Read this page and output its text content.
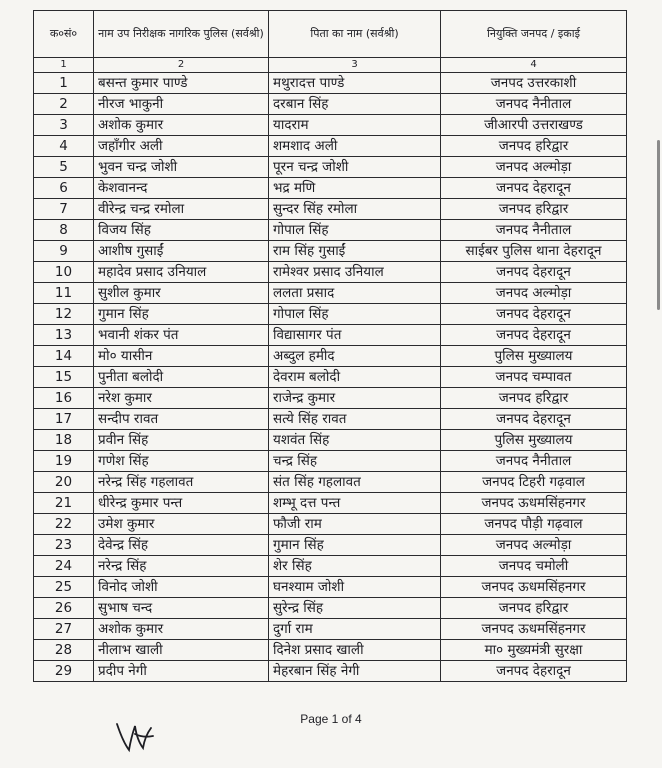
क०सं०	नाम उप निरीक्षक नागरिक पुलिस (सर्वश्री)	पिता का नाम (सर्वश्री)	नियुक्ति जनपद / इकाई
1	2	3	4
1	बसन्त कुमार पाण्डे	मथुरादत्त पाण्डे	जनपद उत्तरकाशी
2	नीरज भाकुनी	दरबान सिंह	जनपद नैनीताल
3	अशोक कुमार	यादराम	जीआरपी उत्तराखण्ड
4	जहाँगीर अली	शमशाद अली	जनपद हरिद्वार
5	भुवन चन्द्र जोशी	पूरन चन्द्र जोशी	जनपद अल्मोड़ा
6	केशवानन्द	भद्र मणि	जनपद देहरादून
7	वीरेन्द्र चन्द्र रमोला	सुन्दर सिंह रमोला	जनपद हरिद्वार
8	विजय सिंह	गोपाल सिंह	जनपद नैनीताल
9	आशीष गुसाईं	राम सिंह गुसाईं	साईबर पुलिस थाना देहरादून
10	महादेव प्रसाद उनियाल	रामेश्वर प्रसाद उनियाल	जनपद देहरादून
11	सुशील कुमार	ललता प्रसाद	जनपद अल्मोड़ा
12	गुमान सिंह	गोपाल सिंह	जनपद देहरादून
13	भवानी शंकर पंत	विद्यासागर पंत	जनपद देहरादून
14	मो० यासीन	अब्दुल हमीद	पुलिस मुख्यालय
15	पुनीता बलोदी	देवराम बलोदी	जनपद चम्पावत
16	नरेश कुमार	राजेन्द्र कुमार	जनपद हरिद्वार
17	सन्दीप रावत	सत्ये सिंह रावत	जनपद देहरादून
18	प्रवीन सिंह	यशवंत सिंह	पुलिस मुख्यालय
19	गणेश सिंह	चन्द्र सिंह	जनपद नैनीताल
20	नरेन्द्र सिंह गहलावत	संत सिंह गहलावत	जनपद टिहरी गढ़वाल
21	धीरेन्द्र कुमार पन्त	शम्भू दत्त पन्त	जनपद ऊधमसिंहनगर
22	उमेश कुमार	फौजी राम	जनपद पौड़ी गढ़वाल
23	देवेन्द्र सिंह	गुमान सिंह	जनपद अल्मोड़ा
24	नरेन्द्र सिंह	शेर सिंह	जनपद चमोली
25	विनोद जोशी	घनश्याम जोशी	जनपद ऊधमसिंहनगर
26	सुभाष चन्द	सुरेन्द्र सिंह	जनपद हरिद्वार
27	अशोक कुमार	दुर्गा राम	जनपद ऊधमसिंहनगर
28	नीलाभ खाली	दिनेश प्रसाद खाली	मा० मुख्यमंत्री सुरक्षा
29	प्रदीप नेगी	मेहरबान सिंह नेगी	जनपद देहरादून
Page 1 of 4
